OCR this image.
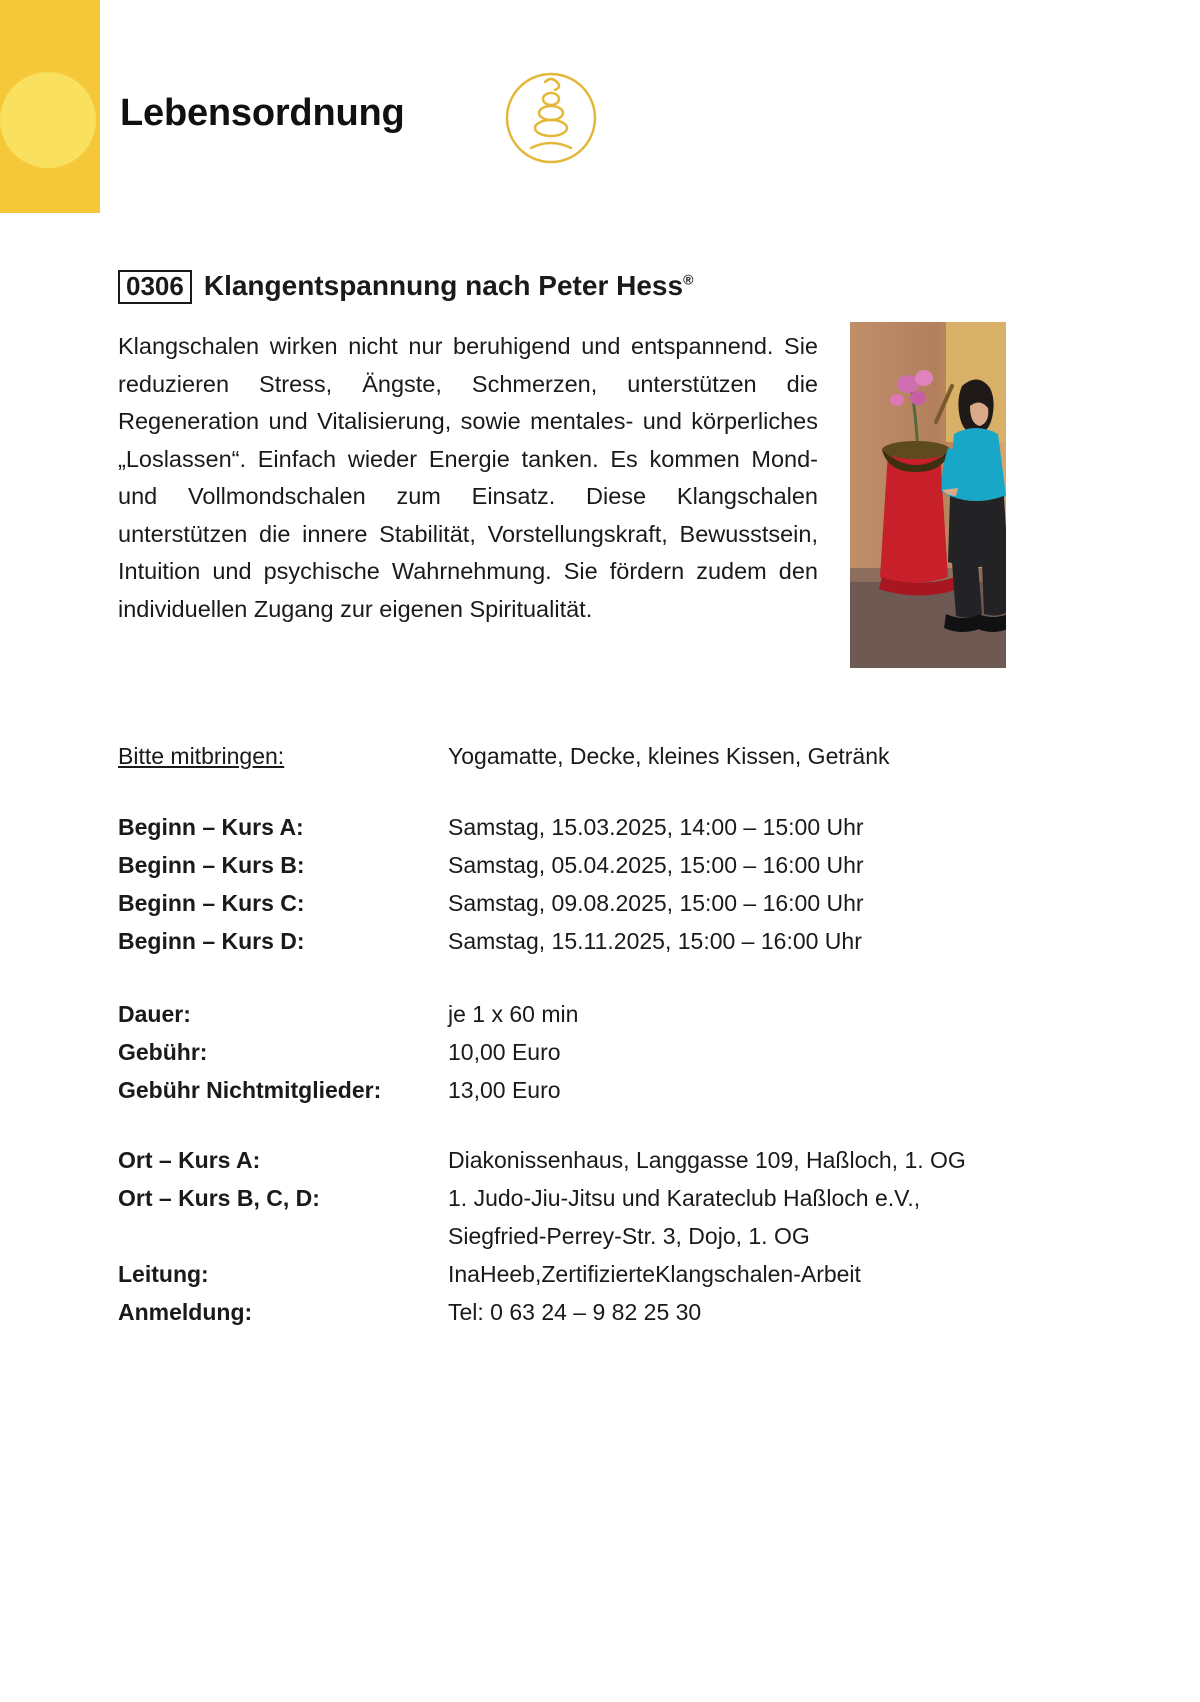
Lebensordnung
0306 Klangentspannung nach Peter Hess®
Klangschalen wirken nicht nur beruhigend und entspannend. Sie reduzieren Stress, Ängste, Schmerzen, unterstützen die Regeneration und Vitalisierung, sowie mentales- und körperliches „Loslassen“. Einfach wieder Energie tanken. Es kommen Mond- und Vollmondschalen zum Einsatz. Diese Klangschalen unterstützen die innere Stabilität, Vorstellungskraft, Bewusstsein, Intuition und psychische Wahrnehmung. Sie fördern zudem den individuellen Zugang zur eigenen Spiritualität.
Bitte mitbringen:	Yogamatte, Decke, kleines Kissen, Getränk
Beginn – Kurs A:	Samstag, 15.03.2025, 14:00 – 15:00 Uhr
Beginn – Kurs B:	Samstag, 05.04.2025, 15:00 – 16:00 Uhr
Beginn – Kurs C:	Samstag, 09.08.2025, 15:00 – 16:00 Uhr
Beginn – Kurs D:	Samstag, 15.11.2025, 15:00 – 16:00 Uhr
Dauer:	je 1 x 60 min
Gebühr:	10,00 Euro
Gebühr Nichtmitglieder:	13,00 Euro
Ort – Kurs A:	Diakonissenhaus, Langgasse 109, Haßloch, 1. OG
Ort – Kurs B, C, D:	1. Judo-Jiu-Jitsu und Karateclub Haßloch e.V.,
Siegfried-Perrey-Str. 3, Dojo, 1. OG
Leitung:	InaHeeb,ZertifizierteKlangschalen-Arbeit
Anmeldung:	Tel: 0 63 24 – 9 82 25 30
